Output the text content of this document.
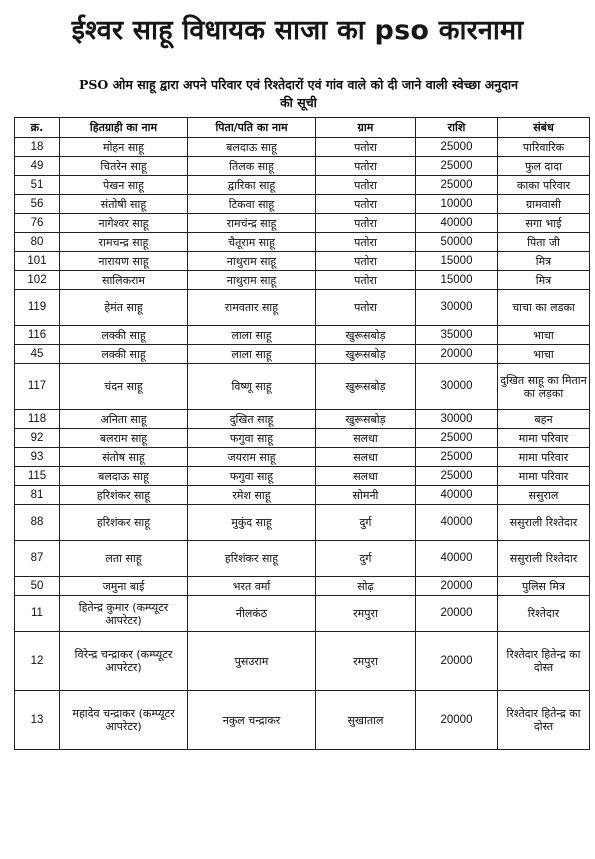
ईश्वर साहू विधायक साजा का pso कारनामा
PSO ओम साहू द्वारा अपने परिवार एवं रिश्तेदारों एवं गांव वाले को दी जाने वाली स्वेच्छा अनुदान
की सूची
क्र.	हितग्राही का नाम	पिता/पति का नाम	ग्राम	राशि	संबंध
18	मोहन साहू	बलदाऊ साहू	पतोरा	25000	पारिवारिक
49	चितरेन साहू	तिलक साहू	पतोरा	25000	फुल दादा
51	पेखन साहू	द्वारिका साहू	पतोरा	25000	काका परिवार
56	संतोषी साहू	टिकवा साहू	पतोरा	10000	ग्रामवासी
76	नागेश्वर साहू	रामचंन्द्र साहू	पतोरा	40000	सगा भाई
80	रामचन्द्र साहू	चैतूराम साहू	पतोरा	50000	पिता जी
101	नारायण साहू	नाथुराम साहू	पतोरा	15000	मित्र
102	सालिकराम	नाथुराम साहू	पतोरा	15000	मित्र
119	हेमंत साहू	रामवतार साहू	पतोरा	30000	चाचा का लडका
116	लक्की साहू	लाला साहू	खुरूसबोड़	35000	भाचा
45	लक्की साहू	लाला साहू	खुरूसबोड़	20000	भाचा
117	चंदन साहू	विष्णू साहू	खुरूसबोड़	30000	दुखित साहू का मितान का लड़का
118	अनिता साहू	दुखित साहू	खुरूसबोड़	30000	बहन
92	बलराम साहू	फगुवा साहू	सलधा	25000	मामा परिवार
93	संतोष साहू	जयराम साहू	सलधा	25000	मामा परिवार
115	बलदाऊ साहू	फगुवा साहू	सलधा	25000	मामा परिवार
81	हरिशंकर साहू	रमेश साहू	सोमनी	40000	ससुराल
88	हरिशंकर साहू	मुकुंद साहू	दुर्ग	40000	ससुराली रिश्तेदार
87	लता साहू	हरिशंकर साहू	दुर्ग	40000	ससुराली रिश्तेदार
50	जमुना बाई	भरत वर्मा	सोढ़	20000	पुलिस मित्र
11	हितेन्द्र कुमार (कम्प्यूटर आपरेटर)	नीलकंठ	रमपुरा	20000	रिश्तेदार
12	विरेन्द्र चन्द्राकर (कम्प्यूटर आपरेटर)	पुसउराम	रमपुरा	20000	रिश्तेदार हितेन्द्र का दोस्त
13	महादेव चन्द्राकर (कम्प्यूटर आपरेटर)	नकुल चन्द्राकर	सुखाताल	20000	रिश्तेदार हितेन्द्र का दोस्त
